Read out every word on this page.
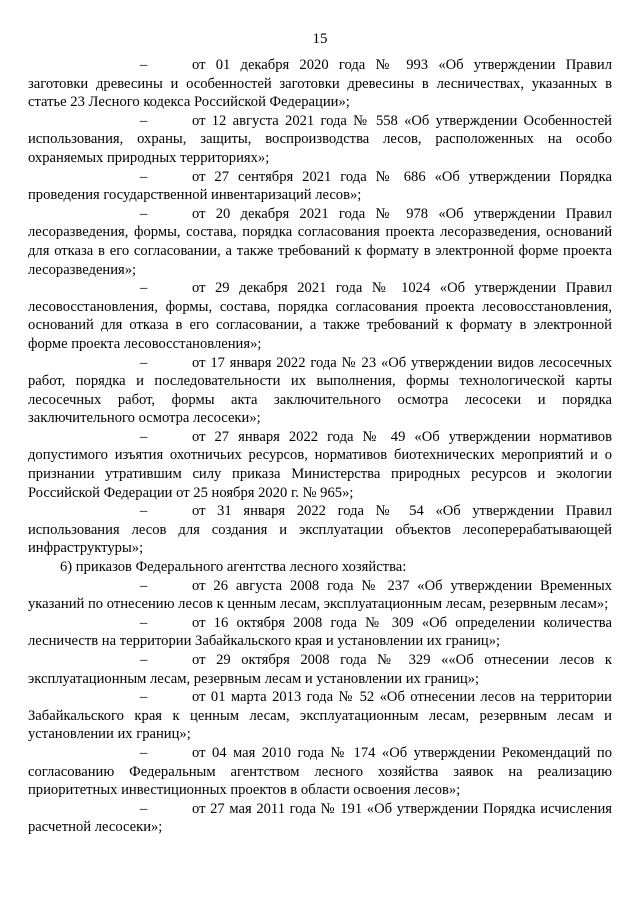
15
–	от 01 декабря 2020 года № 993 «Об утверждении Правил
заготовки древесины и особенностей заготовки древесины в лесничествах, указанных в статье 23 Лесного кодекса Российской Федерации»;
–	от 12 августа 2021 года № 558 «Об утверждении Особенностей
использования, охраны, защиты, воспроизводства лесов, расположенных на особо охраняемых природных территориях»;
–	от 27 сентября 2021 года № 686 «Об утверждении Порядка
проведения государственной инвентаризаций лесов»;
–	от 20 декабря 2021 года № 978 «Об утверждении Правил
лесоразведения, формы, состава, порядка согласования проекта лесоразведения, оснований для отказа в его согласовании, а также требований к формату в электронной форме проекта лесоразведения»;
–	от 29 декабря 2021 года № 1024 «Об утверждении Правил
лесовосстановления, формы, состава, порядка согласования проекта лесовосстановления, оснований для отказа в его согласовании, а также требований к формату в электронной форме проекта лесовосстановления»;
–	от 17 января 2022 года № 23 «Об утверждении видов лесосечных
работ, порядка и последовательности их выполнения, формы технологической карты лесосечных работ, формы акта заключительного осмотра лесосеки и порядка заключительного осмотра лесосеки»;
–	от 27 января 2022 года № 49 «Об утверждении нормативов
допустимого изъятия охотничьих ресурсов, нормативов биотехнических мероприятий и о признании утратившим силу приказа Министерства природных ресурсов и экологии Российской Федерации от 25 ноября 2020 г. № 965»;
–	от 31 января 2022 года № 54 «Об утверждении Правил
использования лесов для создания и эксплуатации объектов лесоперерабатывающей инфраструктуры»;
6) приказов Федерального агентства лесного хозяйства:
–	от 26 августа 2008 года № 237 «Об утверждении Временных
указаний по отнесению лесов к ценным лесам, эксплуатационным лесам, резервным лесам»;
–	от 16 октября 2008 года № 309 «Об определении количества
лесничеств на территории Забайкальского края и установлении их границ»;
–	от 29 октября 2008 года № 329 ««Об отнесении лесов к
эксплуатационным лесам, резервным лесам и установлении их границ»;
–	от 01 марта 2013 года № 52 «Об отнесении лесов на территории
Забайкальского края к ценным лесам, эксплуатационным лесам, резервным лесам и установлении их границ»;
–	от 04 мая 2010 года № 174 «Об утверждении Рекомендаций по
согласованию Федеральным агентством лесного хозяйства заявок на реализацию приоритетных инвестиционных проектов в области освоения лесов»;
–	от 27 мая 2011 года № 191 «Об утверждении Порядка исчисления
расчетной лесосеки»;
